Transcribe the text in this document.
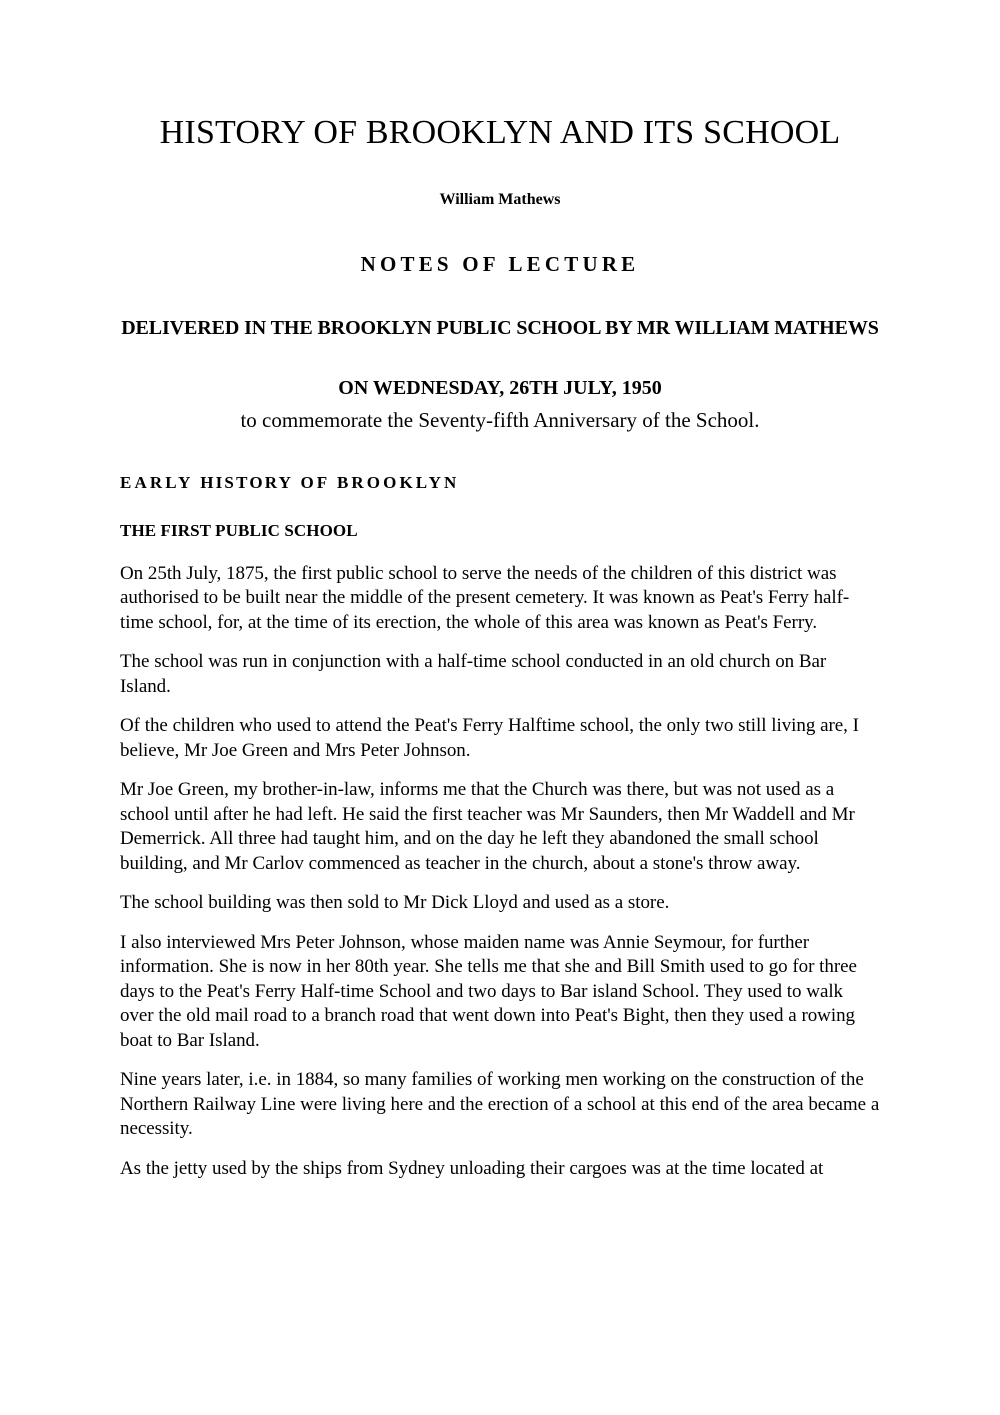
HISTORY OF BROOKLYN AND ITS SCHOOL

William Mathews

NOTES OF LECTURE

DELIVERED IN THE BROOKLYN PUBLIC SCHOOL BY MR WILLIAM MATHEWS

ON WEDNESDAY, 26TH JULY, 1950

to commemorate the Seventy-fifth Anniversary of the School.

EARLY HISTORY OF BROOKLYN
THE FIRST PUBLIC SCHOOL

On 25th July, 1875, the first public school to serve the needs of the children of this district was authorised to be built near the middle of the present cemetery. It was known as Peat's Ferry half-time school, for, at the time of its erection, the whole of this area was known as Peat's Ferry.

The school was run in conjunction with a half-time school conducted in an old church on Bar Island.

Of the children who used to attend the Peat's Ferry Halftime school, the only two still living are, I believe, Mr Joe Green and Mrs Peter Johnson.

Mr Joe Green, my brother-in-law, informs me that the Church was there, but was not used as a school until after he had left. He said the first teacher was Mr Saunders, then Mr Waddell and Mr Demerrick. All three had taught him, and on the day he left they abandoned the small school building, and Mr Carlov commenced as teacher in the church, about a stone's throw away.

The school building was then sold to Mr Dick Lloyd and used as a store.

I also interviewed Mrs Peter Johnson, whose maiden name was Annie Seymour, for further information. She is now in her 80th year. She tells me that she and Bill Smith used to go for three days to the Peat's Ferry Half-time School and two days to Bar island School. They used to walk over the old mail road to a branch road that went down into Peat's Bight, then they used a rowing boat to Bar Island.

Nine years later, i.e. in 1884, so many families of working men working on the construction of the Northern Railway Line were living here and the erection of a school at this end of the area became a necessity.

As the jetty used by the ships from Sydney unloading their cargoes was at the time located at
